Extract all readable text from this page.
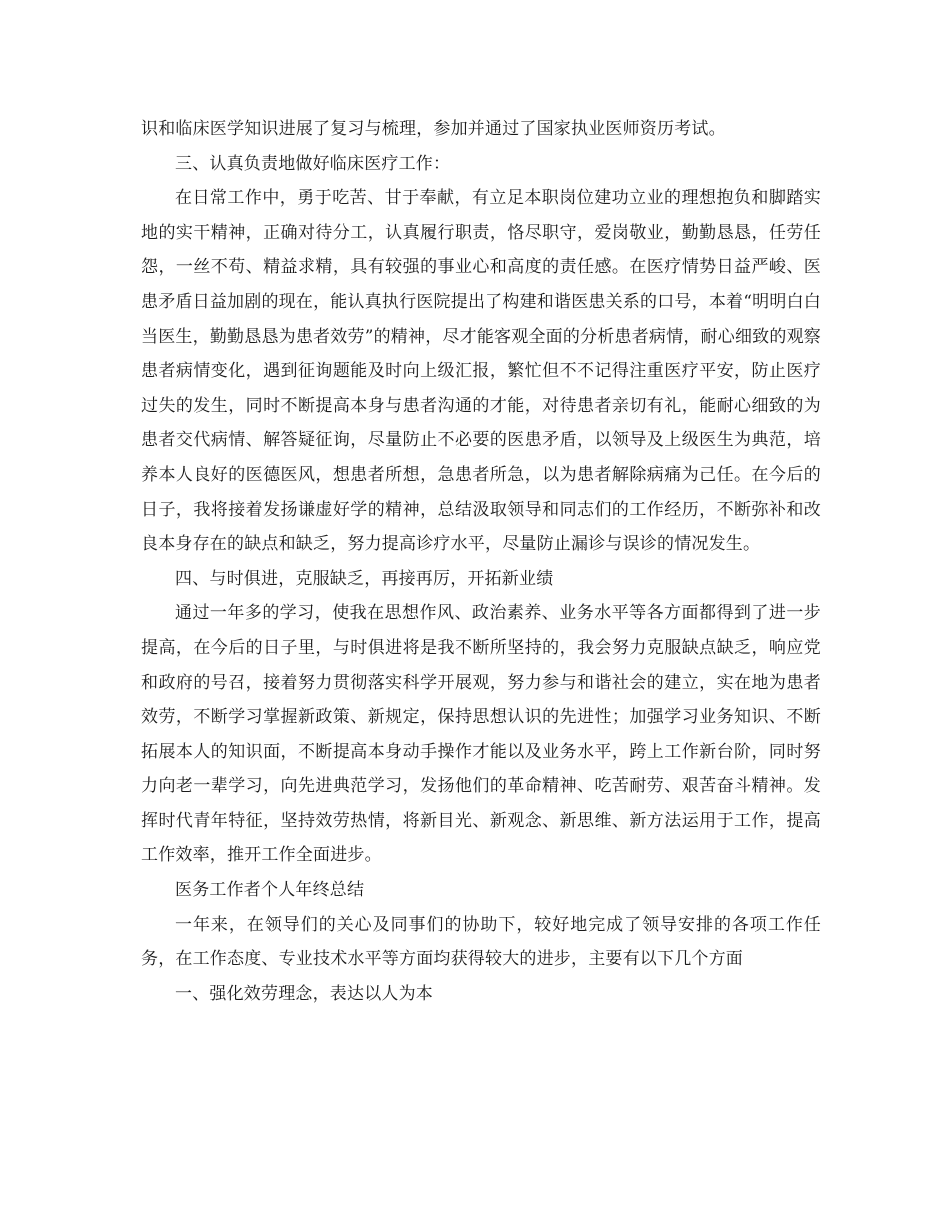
识和临床医学知识进展了复习与梳理，参加并通过了国家执业医师资历考试。

三、认真负责地做好临床医疗工作：

在日常工作中，勇于吃苦、甘于奉献，有立足本职岗位建功立业的理想抱负和脚踏实地的实干精神，正确对待分工，认真履行职责，恪尽职守，爱岗敬业，勤勤恳恳，任劳任怨，一丝不苟、精益求精，具有较强的事业心和高度的责任感。在医疗情势日益严峻、医患矛盾日益加剧的现在，能认真执行医院提出了构建和谐医患关系的口号，本着“明明白白当医生，勤勤恳恳为患者效劳”的精神，尽才能客观全面的分析患者病情，耐心细致的观察患者病情变化，遇到征询题能及时向上级汇报，繁忙但不不记得注重医疗平安，防止医疗过失的发生，同时不断提高本身与患者沟通的才能，对待患者亲切有礼，能耐心细致的为患者交代病情、解答疑征询，尽量防止不必要的医患矛盾，以领导及上级医生为典范，培养本人良好的医德医风，想患者所想，急患者所急，以为患者解除病痛为己任。在今后的日子，我将接着发扬谦虚好学的精神，总结汲取领导和同志们的工作经历，不断弥补和改良本身存在的缺点和缺乏，努力提高诊疗水平，尽量防止漏诊与误诊的情况发生。

四、与时俱进，克服缺乏，再接再厉，开拓新业绩

通过一年多的学习，使我在思想作风、政治素养、业务水平等各方面都得到了进一步提高，在今后的日子里，与时俱进将是我不断所坚持的，我会努力克服缺点缺乏，响应党和政府的号召，接着努力贯彻落实科学开展观，努力参与和谐社会的建立，实在地为患者效劳，不断学习掌握新政策、新规定，保持思想认识的先进性；加强学习业务知识、不断拓展本人的知识面，不断提高本身动手操作才能以及业务水平，跨上工作新台阶，同时努力向老一辈学习，向先进典范学习，发扬他们的革命精神、吃苦耐劳、艰苦奋斗精神。发挥时代青年特征，坚持效劳热情，将新目光、新观念、新思维、新方法运用于工作，提高工作效率，推开工作全面进步。

医务工作者个人年终总结

一年来，在领导们的关心及同事们的协助下，较好地完成了领导安排的各项工作任务，在工作态度、专业技术水平等方面均获得较大的进步，主要有以下几个方面

一、强化效劳理念，表达以人为本
